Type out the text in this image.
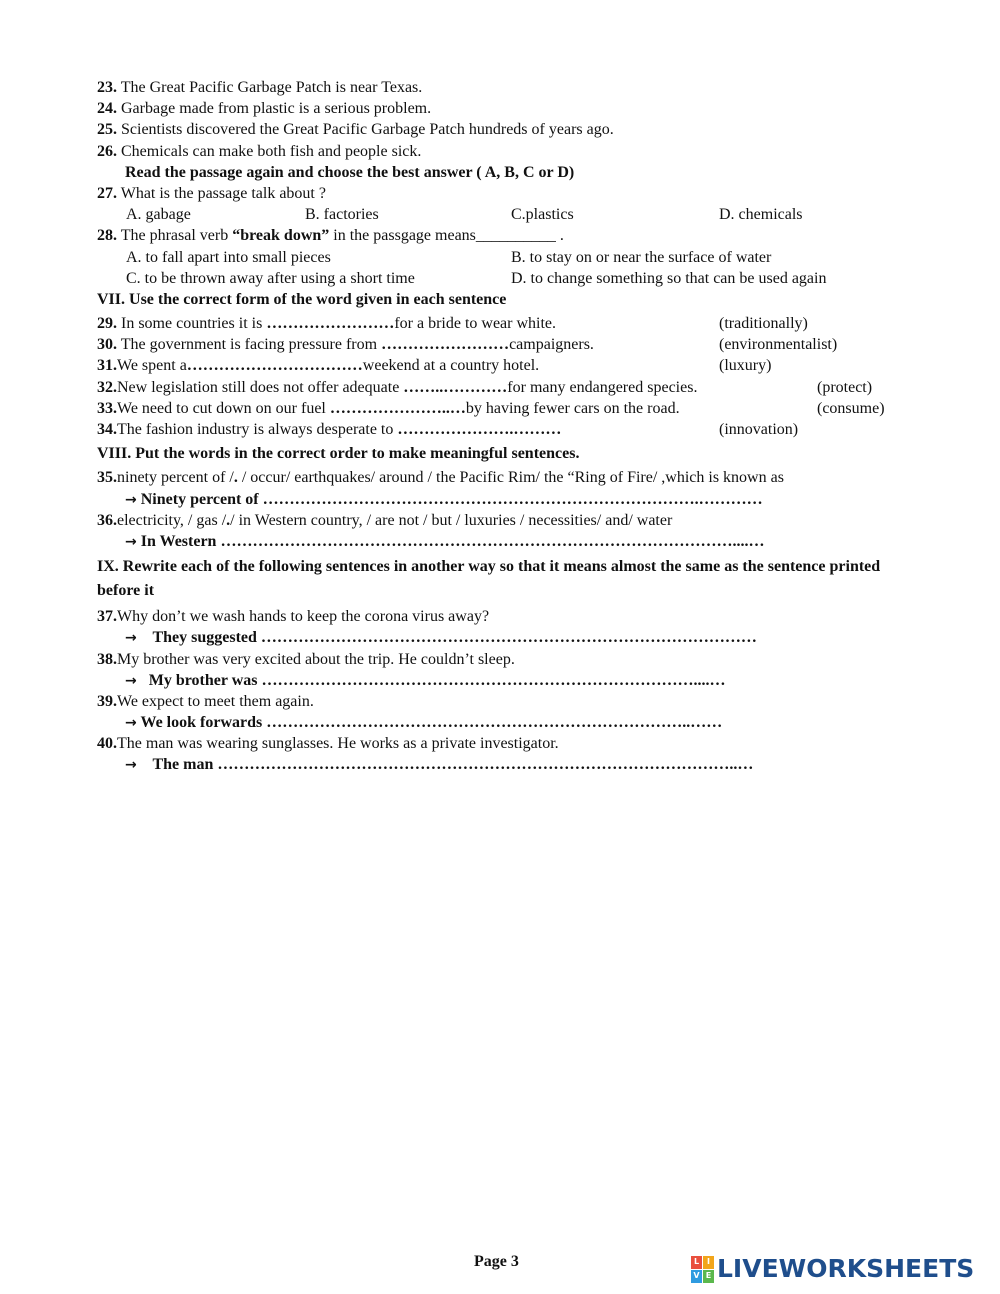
23. The Great Pacific Garbage Patch is near Texas.
24. Garbage made from plastic is a serious problem.
25. Scientists discovered the Great Pacific Garbage Patch hundreds of years ago.
26. Chemicals can make both fish and people sick.
Read the passage again and choose the best answer ( A, B, C or D)
27. What is the passage talk about ?
A. gabage	B. factories	C.plastics	D. chemicals
28. The phrasal verb “break down” in the passgage means__________ .
A. to fall apart into small pieces	B. to stay on or near the surface of water
C. to be thrown away after using a short time	D. to change something so that can be used again
VII. Use the correct form of the word given in each sentence
29. In some countries it is ……………………for a bride to wear white.	(traditionally)
30. The government is facing pressure from ……………………campaigners.	(environmentalist)
31.We spent a……………………………weekend at a country hotel.	(luxury)
32.New legislation still does not offer adequate ……..…………for many endangered species.	(protect)
33.We need to cut down on our fuel …………………..…by having fewer cars on the road.	(consume)
34.The fashion industry is always desperate to ………………….………	(innovation)
VIII. Put the words in the correct order to make meaningful sentences.
35.ninety percent of /. / occur/ earthquakes/ around / the Pacific Rim/ the “Ring of Fire/ ,which is known as
→ Ninety percent of ……………………………………………………………………….…………
36.electricity, / gas /./ in Western country, / are not / but / luxuries / necessities/ and/ water
→ In Western ……………………………………………………………………………………....…
IX. Rewrite each of the following sentences in another way so that it means almost the same as the sentence printed before it
37.Why don’t we wash hands to keep the corona virus away?
→ They suggested …………………………………………………………………………………
38.My brother was very excited about the trip. He couldn’t sleep.
→ My brother was ………………………………………………………………………....…
39.We expect to meet them again.
→ We look forwards ……………………………………………………………………..……
40.The man was wearing sunglasses. He works as a private investigator.
→ The man ……………………………………………………………………………………..…
Page 3	L I
V E LIVEWORKSHEETS
